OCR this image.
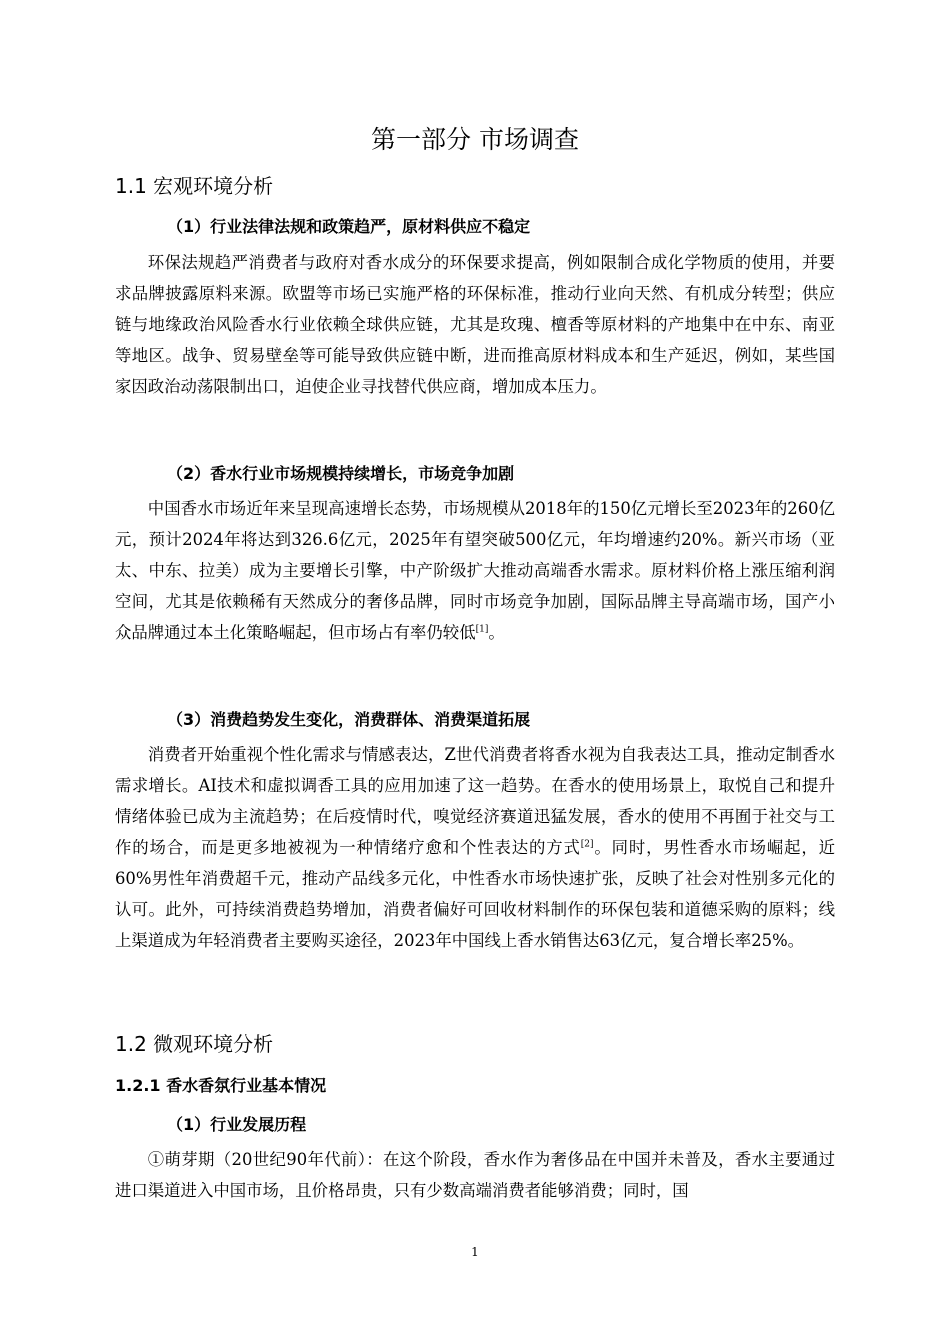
第一部分 市场调查
1.1 宏观环境分析
（1）行业法律法规和政策趋严，原材料供应不稳定
环保法规趋严消费者与政府对香水成分的环保要求提高，例如限制合成化学物质的使用，并要求品牌披露原料来源。欧盟等市场已实施严格的环保标准，推动行业向天然、有机成分转型；供应链与地缘政治风险香水行业依赖全球供应链，尤其是玫瑰、檀香等原材料的产地集中在中东、南亚等地区。战争、贸易壁垒等可能导致供应链中断，进而推高原材料成本和生产延迟，例如，某些国家因政治动荡限制出口，迫使企业寻找替代供应商，增加成本压力。
（2）香水行业市场规模持续增长，市场竞争加剧
中国香水市场近年来呈现高速增长态势，市场规模从2018年的150亿元增长至2023年的260亿元，预计2024年将达到326.6亿元，2025年有望突破500亿元，年均增速约20%。新兴市场（亚太、中东、拉美）成为主要增长引擎，中产阶级扩大推动高端香水需求。原材料价格上涨压缩利润空间，尤其是依赖稀有天然成分的奢侈品牌，同时市场竞争加剧，国际品牌主导高端市场，国产小众品牌通过本土化策略崛起，但市场占有率仍较低[1]。
（3）消费趋势发生变化，消费群体、消费渠道拓展
消费者开始重视个性化需求与情感表达，Z世代消费者将香水视为自我表达工具，推动定制香水需求增长。AI技术和虚拟调香工具的应用加速了这一趋势。在香水的使用场景上，取悦自己和提升情绪体验已成为主流趋势；在后疫情时代，嗅觉经济赛道迅猛发展，香水的使用不再囿于社交与工作的场合，而是更多地被视为一种情绪疗愈和个性表达的方式[2]。同时，男性香水市场崛起，近60%男性年消费超千元，推动产品线多元化，中性香水市场快速扩张，反映了社会对性别多元化的认可。此外，可持续消费趋势增加，消费者偏好可回收材料制作的环保包装和道德采购的原料；线上渠道成为年轻消费者主要购买途径，2023年中国线上香水销售达63亿元，复合增长率25%。
1.2 微观环境分析
1.2.1 香水香氛行业基本情况
（1）行业发展历程
①萌芽期（20世纪90年代前）：在这个阶段，香水作为奢侈品在中国并未普及，香水主要通过进口渠道进入中国市场，且价格昂贵，只有少数高端消费者能够消费；同时，国
1
